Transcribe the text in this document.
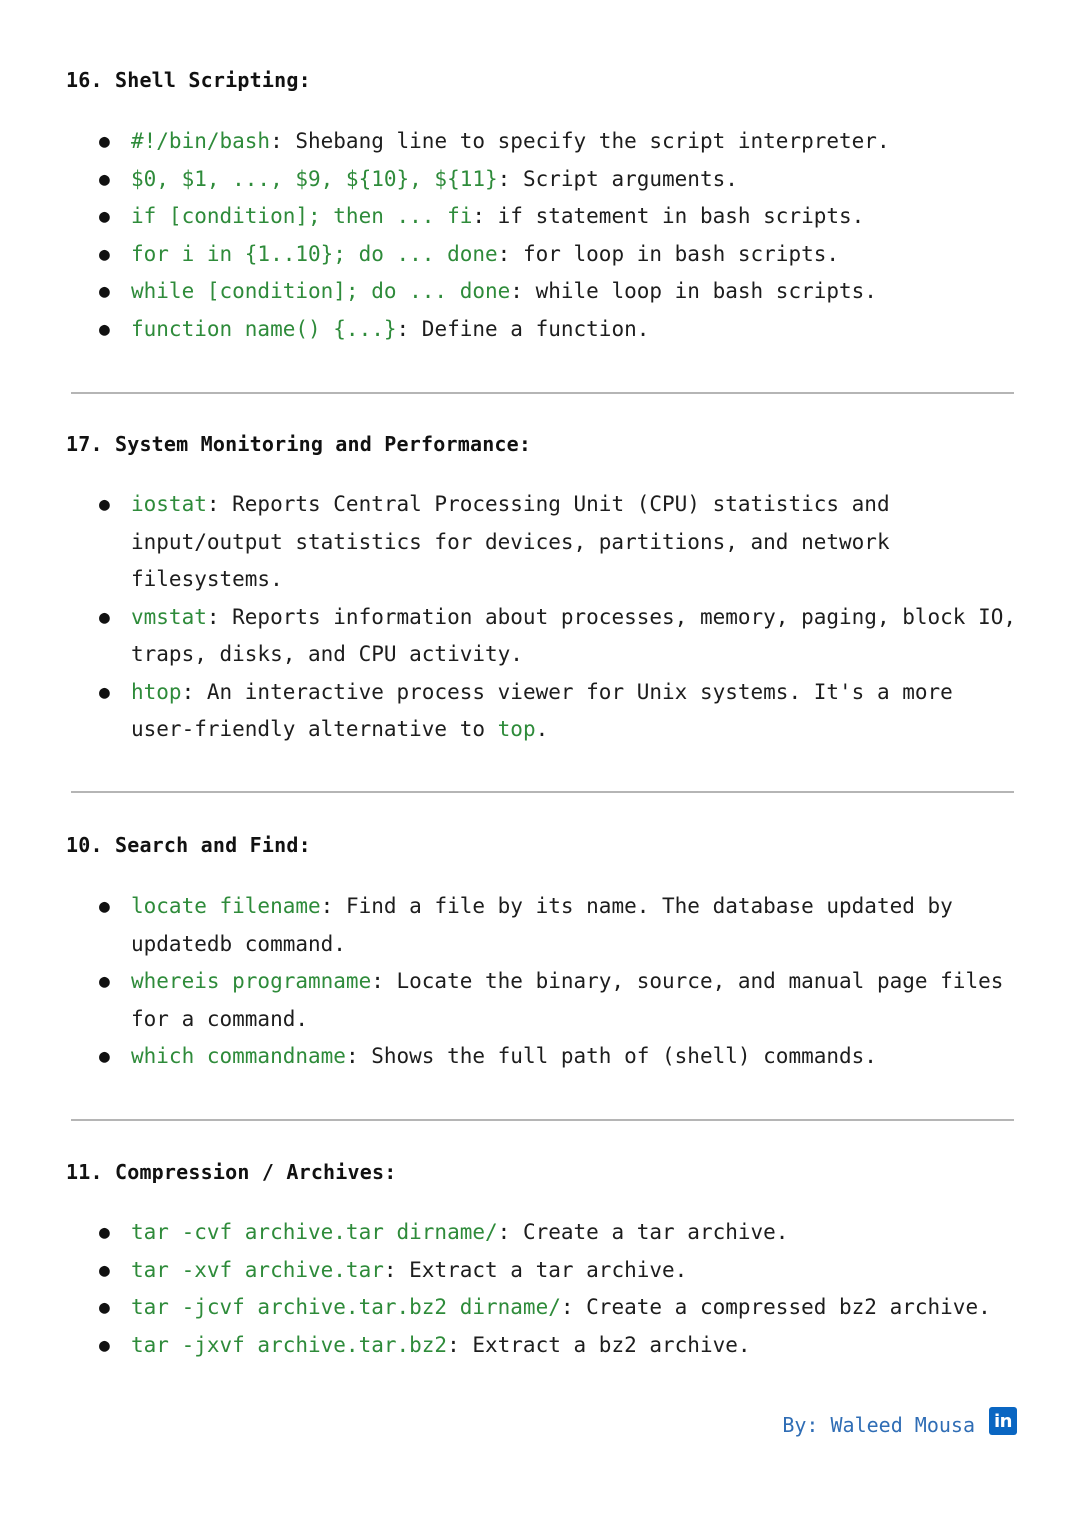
16. Shell Scripting:
● #!/bin/bash: Shebang line to specify the script interpreter.
● $0, $1, ..., $9, ${10}, ${11}: Script arguments.
● if [condition]; then ... fi: if statement in bash scripts.
● for i in {1..10}; do ... done: for loop in bash scripts.
● while [condition]; do ... done: while loop in bash scripts.
● function name() {...}: Define a function.
17. System Monitoring and Performance:
● iostat: Reports Central Processing Unit (CPU) statistics and input/output statistics for devices, partitions, and network filesystems.
● vmstat: Reports information about processes, memory, paging, block IO, traps, disks, and CPU activity.
● htop: An interactive process viewer for Unix systems. It's a more user-friendly alternative to top.
10. Search and Find:
● locate filename: Find a file by its name. The database updated by updatedb command.
● whereis programname: Locate the binary, source, and manual page files for a command.
● which commandname: Shows the full path of (shell) commands.
11. Compression / Archives:
● tar -cvf archive.tar dirname/: Create a tar archive.
● tar -xvf archive.tar: Extract a tar archive.
● tar -jcvf archive.tar.bz2 dirname/: Create a compressed bz2 archive.
● tar -jxvf archive.tar.bz2: Extract a bz2 archive.
By: Waleed Mousa in
